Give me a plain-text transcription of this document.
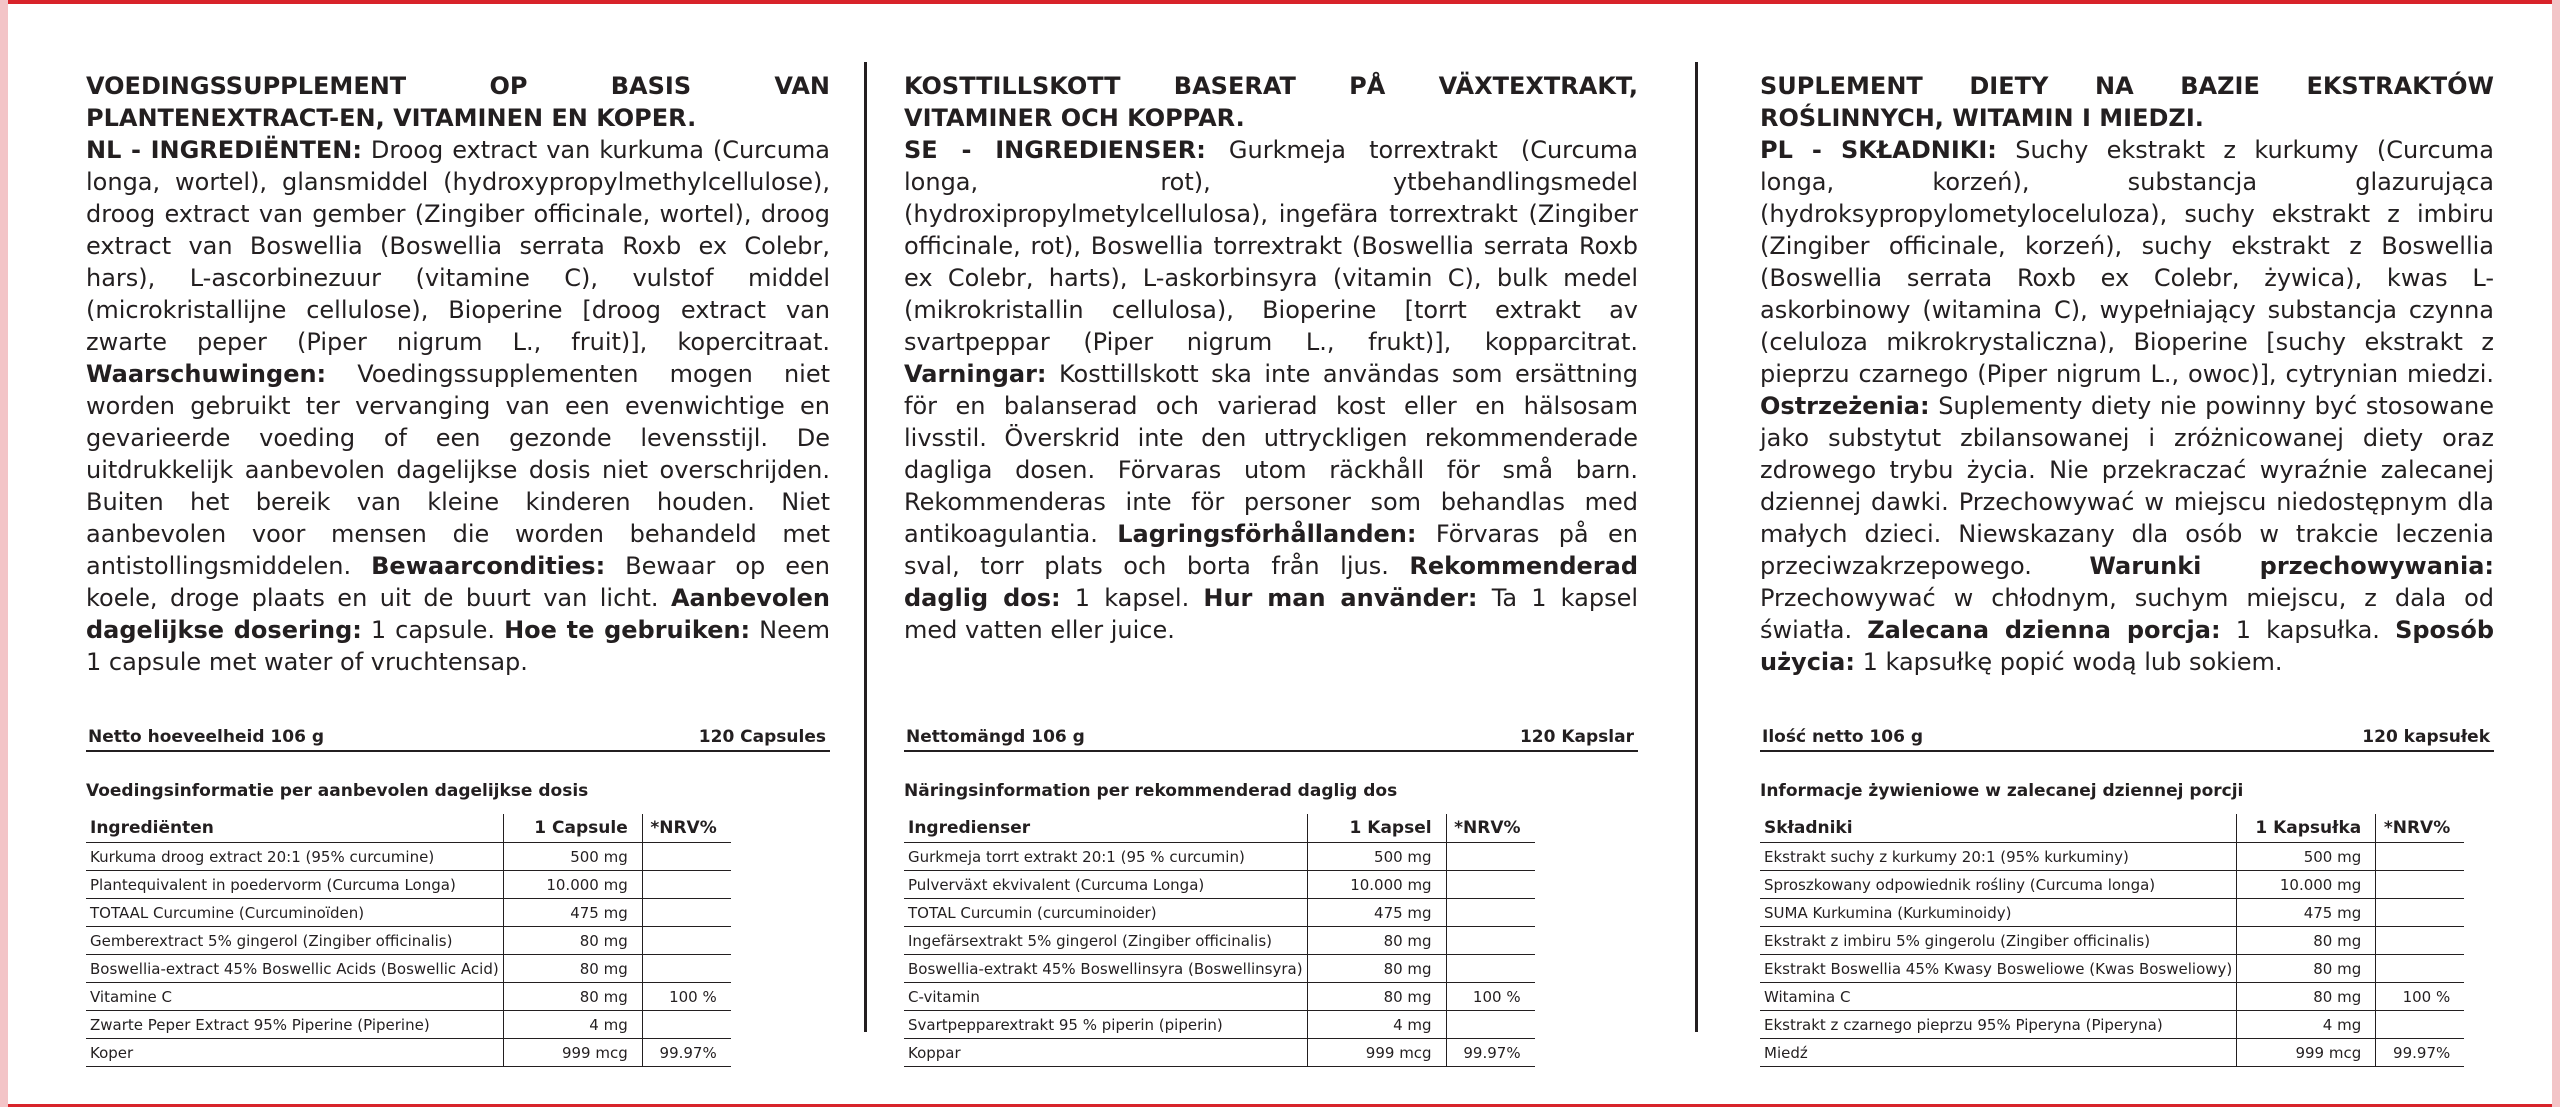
VOEDINGSSUPPLEMENT OP BASIS VAN PLANTENEXTRACT-EN, VITAMINEN EN KOPER.

NL - INGREDIËNTEN: Droog extract van kurkuma (Curcuma longa, wortel), glansmiddel (hydroxypropylmethylcellulose), droog extract van gember (Zingiber officinale, wortel), droog extract van Boswellia (Boswellia serrata Roxb ex Colebr, hars), L-ascorbinezuur (vitamine C), vulstof middel (microkristallijne cellulose), Bioperine [droog extract van zwarte peper (Piper nigrum L., fruit)], kopercitraat. Waarschuwingen: Voedingssupplementen mogen niet worden gebruikt ter vervanging van een evenwichtige en gevarieerde voeding of een gezonde levensstijl. De uitdrukkelijk aanbevolen dagelijkse dosis niet overschrijden. Buiten het bereik van kleine kinderen houden. Niet aanbevolen voor mensen die worden behandeld met antistollingsmiddelen. Bewaarcondities: Bewaar op een koele, droge plaats en uit de buurt van licht. Aanbevolen dagelijkse dosering: 1 capsule. Hoe te gebruiken: Neem 1 capsule met water of vruchtensap.

Netto hoeveelheid 106 g	120 Capsules
Voedingsinformatie per aanbevolen dagelijkse dosis
Ingrediënten	1 Capsule	*NRV%
Kurkuma droog extract 20:1 (95% curcumine)	500 mg	
Plantequivalent in poedervorm (Curcuma Longa)	10.000 mg	
TOTAAL Curcumine (Curcuminoïden)	475 mg	
Gemberextract 5% gingerol (Zingiber officinalis)	80 mg	
Boswellia-extract 45% Boswellic Acids (Boswellic Acid)	80 mg	
Vitamine C	80 mg	100 %
Zwarte Peper Extract 95% Piperine (Piperine)	4 mg	
Koper	999 mcg	99.97%
KOSTTILLSKOTT BASERAT PÅ VÄXTEXTRAKT, VITAMINER OCH KOPPAR.

SE - INGREDIENSER: Gurkmeja torrextrakt (Curcuma longa, rot), ytbehandlingsmedel (hydroxipropylmetylcellulosa), ingefära torrextrakt (Zingiber officinale, rot), Boswellia torrextrakt (Boswellia serrata Roxb ex Colebr, harts), L-askorbinsyra (vitamin C), bulk medel (mikrokristallin cellulosa), Bioperine [torrt extrakt av svartpeppar (Piper nigrum L., frukt)], kopparcitrat. Varningar: Kosttillskott ska inte användas som ersättning för en balanserad och varierad kost eller en hälsosam livsstil. Överskrid inte den uttryckligen rekommenderade dagliga dosen. Förvaras utom räckhåll för små barn. Rekommenderas inte för personer som behandlas med antikoagulantia. Lagringsförhållanden: Förvaras på en sval, torr plats och borta från ljus. Rekommenderad daglig dos: 1 kapsel. Hur man använder: Ta 1 kapsel med vatten eller juice.

Nettomängd 106 g	120 Kapslar
Näringsinformation per rekommenderad daglig dos
Ingredienser	1 Kapsel	*NRV%
Gurkmeja torrt extrakt 20:1 (95 % curcumin)	500 mg	
Pulverväxt ekvivalent (Curcuma Longa)	10.000 mg	
TOTAL Curcumin (curcuminoider)	475 mg	
Ingefärsextrakt 5% gingerol (Zingiber officinalis)	80 mg	
Boswellia-extrakt 45% Boswellinsyra (Boswellinsyra)	80 mg	
C-vitamin	80 mg	100 %
Svartpepparextrakt 95 % piperin (piperin)	4 mg	
Koppar	999 mcg	99.97%
SUPLEMENT DIETY NA BAZIE EKSTRAKTÓW ROŚLINNYCH, WITAMIN I MIEDZI.

PL - SKŁADNIKI: Suchy ekstrakt z kurkumy (Curcuma longa, korzeń), substancja glazurująca (hydroksypropylometyloceluloza), suchy ekstrakt z imbiru (Zingiber officinale, korzeń), suchy ekstrakt z Boswellia (Boswellia serrata Roxb ex Colebr, żywica), kwas L-askorbinowy (witamina C), wypełniający substancja czynna (celuloza mikrokrystaliczna), Bioperine [suchy ekstrakt z pieprzu czarnego (Piper nigrum L., owoc)], cytrynian miedzi. Ostrzeżenia: Suplementy diety nie powinny być stosowane jako substytut zbilansowanej i zróżnicowanej diety oraz zdrowego trybu życia. Nie przekraczać wyraźnie zalecanej dziennej dawki. Przechowywać w miejscu niedostępnym dla małych dzieci. Niewskazany dla osób w trakcie leczenia przeciwzakrzepowego. Warunki przechowywania: Przechowywać w chłodnym, suchym miejscu, z dala od światła. Zalecana dzienna porcja: 1 kapsułka. Sposób użycia: 1 kapsułkę popić wodą lub sokiem.

Ilość netto 106 g	120 kapsułek
Informacje żywieniowe w zalecanej dziennej porcji
Składniki	1 Kapsułka	*NRV%
Ekstrakt suchy z kurkumy 20:1 (95% kurkuminy)	500 mg	
Sproszkowany odpowiednik rośliny (Curcuma longa)	10.000 mg	
SUMA Kurkumina (Kurkuminoidy)	475 mg	
Ekstrakt z imbiru 5% gingerolu (Zingiber officinalis)	80 mg	
Ekstrakt Boswellia 45% Kwasy Bosweliowe (Kwas Bosweliowy)	80 mg	
Witamina C	80 mg	100 %
Ekstrakt z czarnego pieprzu 95% Piperyna (Piperyna)	4 mg	
Miedź	999 mcg	99.97%
